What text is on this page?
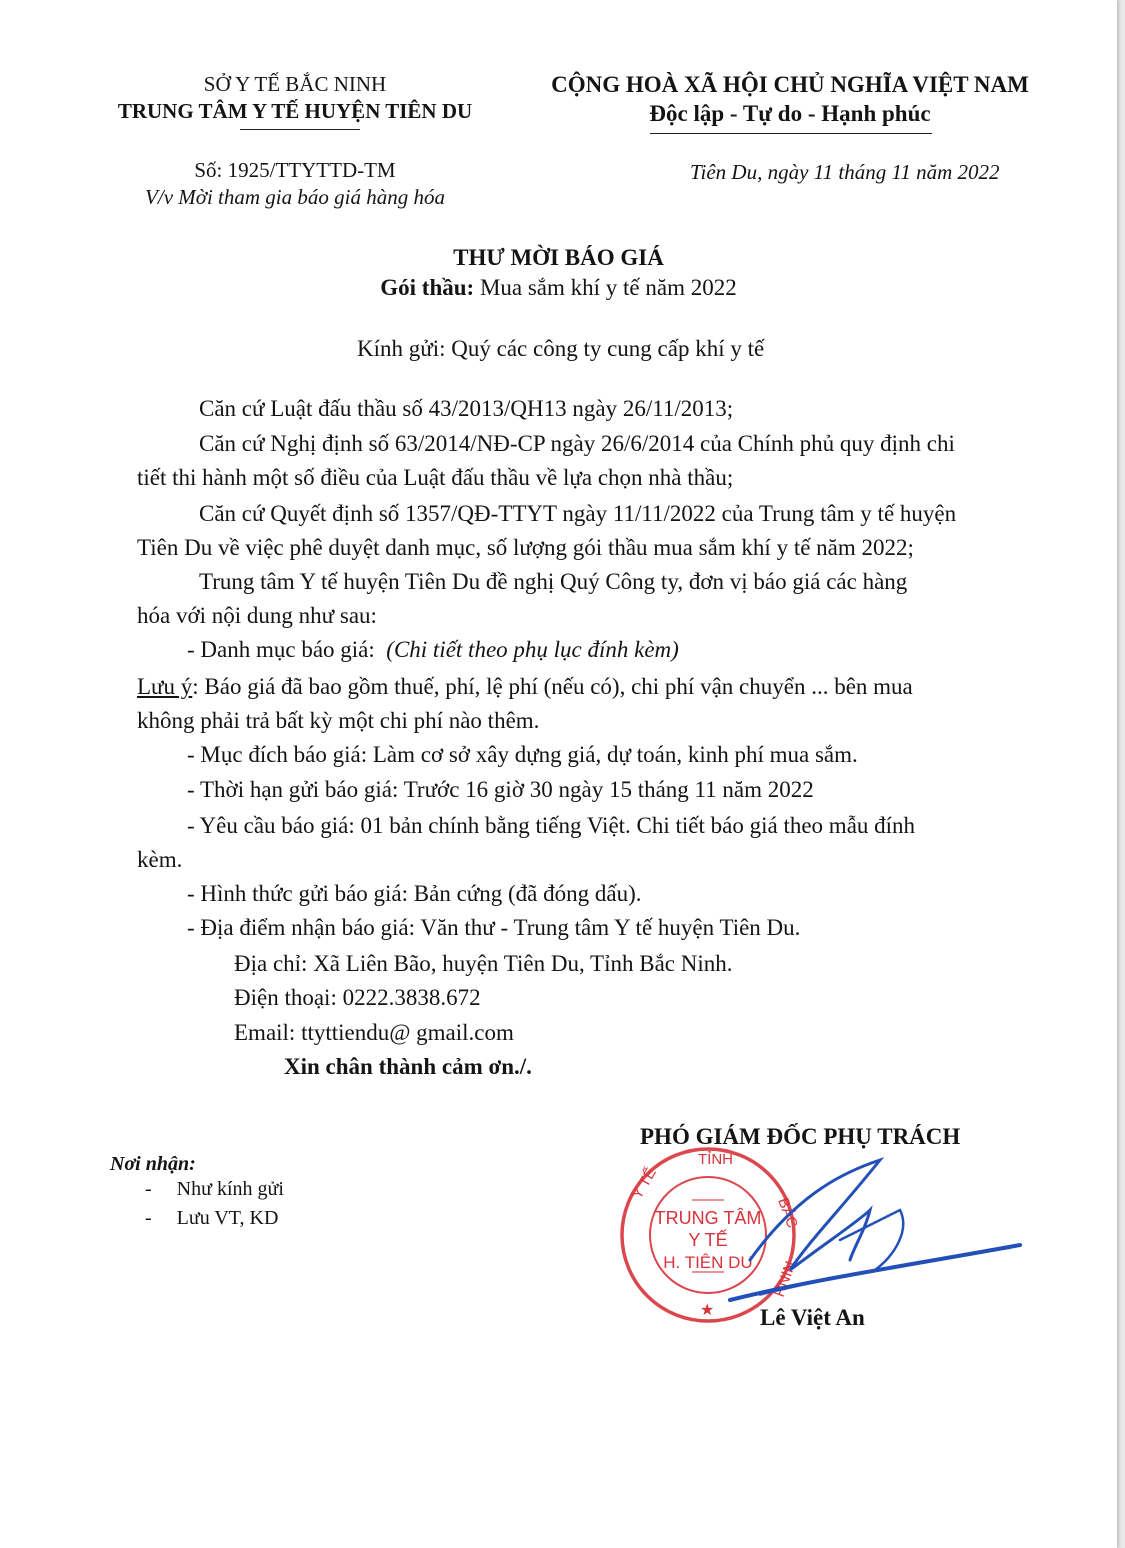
SỞ Y TẾ BẮC NINH
TRUNG TÂM Y TẾ HUYỆN TIÊN DU
CỘNG HOÀ XÃ HỘI CHỦ NGHĨA VIỆT NAM
Độc lập - Tự do - Hạnh phúc
Số: 1925/TTYTTD-TM
V/v Mời tham gia báo giá hàng hóa
Tiên Du, ngày 11 tháng 11 năm 2022
THƯ MỜI BÁO GIÁ
Gói thầu: Mua sắm khí y tế năm 2022
Kính gửi: Quý các công ty cung cấp khí y tế
Căn cứ Luật đấu thầu số 43/2013/QH13 ngày 26/11/2013;
Căn cứ Nghị định số 63/2014/NĐ-CP ngày 26/6/2014 của Chính phủ quy định chi
tiết thi hành một số điều của Luật đấu thầu về lựa chọn nhà thầu;
Căn cứ Quyết định số 1357/QĐ-TTYT ngày 11/11/2022 của Trung tâm y tế huyện
Tiên Du về việc phê duyệt danh mục, số lượng gói thầu mua sắm khí y tế năm 2022;
Trung tâm Y tế huyện Tiên Du đề nghị Quý Công ty, đơn vị báo giá các hàng
hóa với nội dung như sau:
- Danh mục báo giá: (Chi tiết theo phụ lục đính kèm)
Lưu ý: Báo giá đã bao gồm thuế, phí, lệ phí (nếu có), chi phí vận chuyển ... bên mua
không phải trả bất kỳ một chi phí nào thêm.
- Mục đích báo giá: Làm cơ sở xây dựng giá, dự toán, kinh phí mua sắm.
- Thời hạn gửi báo giá: Trước 16 giờ 30 ngày 15 tháng 11 năm 2022
- Yêu cầu báo giá: 01 bản chính bằng tiếng Việt. Chi tiết báo giá theo mẫu đính
kèm.
- Hình thức gửi báo giá: Bản cứng (đã đóng dấu).
- Địa điểm nhận báo giá: Văn thư - Trung tâm Y tế huyện Tiên Du.
Địa chỉ: Xã Liên Bão, huyện Tiên Du, Tỉnh Bắc Ninh.
Điện thoại: 0222.3838.672
Email: ttyttiendu@ gmail.com
Xin chân thành cảm ơn./.
Nơi nhận:
-     Như kính gửi
-     Lưu VT, KD
PHÓ GIÁM ĐỐC PHỤ TRÁCH
TỈNH
BẮC
NINH
Y TẾ
TRUNG TÂM
Y TẾ
H. TIÊN DU
★ Lê Việt An
